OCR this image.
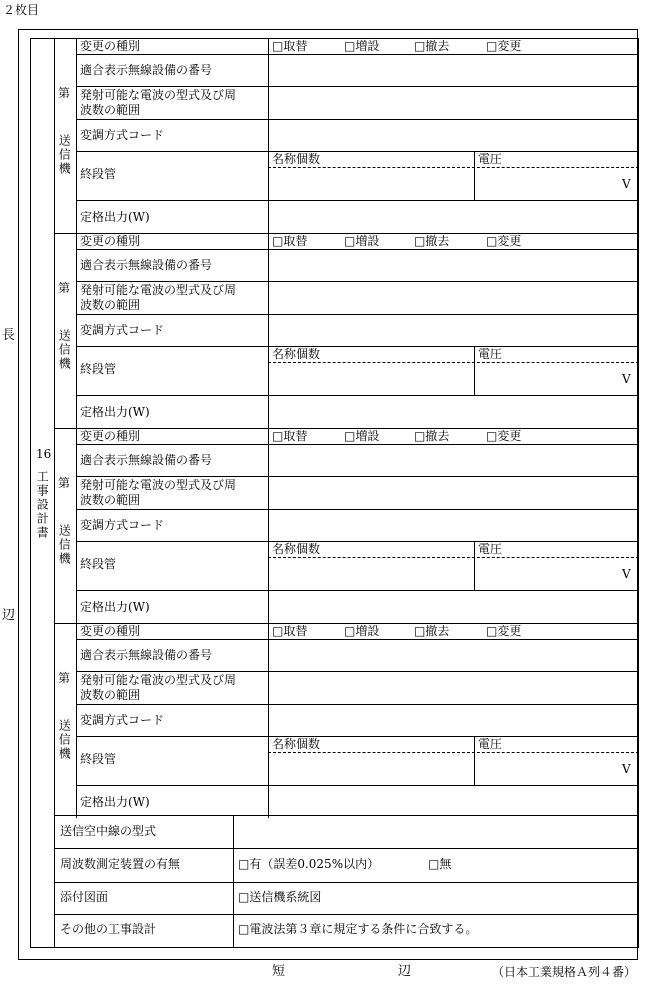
２枚目
長
辺
短	辺	（日本工業規格Ａ列４番）
16
工事設計書
第
送信機
変更の種別	□取替	□増設	□撤去	□変更
適合表示無線設備の番号
発射可能な電波の型式及び周
波数の範囲
変調方式コード
終段管
名称個数	電圧
V
定格出力(W)
第
送信機
変更の種別	□取替	□増設	□撤去	□変更
適合表示無線設備の番号
発射可能な電波の型式及び周
波数の範囲
変調方式コード
終段管
名称個数	電圧
V
定格出力(W)
第
送信機
変更の種別	□取替	□増設	□撤去	□変更
適合表示無線設備の番号
発射可能な電波の型式及び周
波数の範囲
変調方式コード
終段管
名称個数	電圧
V
定格出力(W)
第
送信機
変更の種別	□取替	□増設	□撤去	□変更
適合表示無線設備の番号
発射可能な電波の型式及び周
波数の範囲
変調方式コード
終段管
名称個数	電圧
V
定格出力(W)
送信空中線の型式
周波数測定装置の有無	□有（誤差0.025%以内）	□無
添付図面	□送信機系統図
その他の工事設計	□電波法第３章に規定する条件に合致する。
